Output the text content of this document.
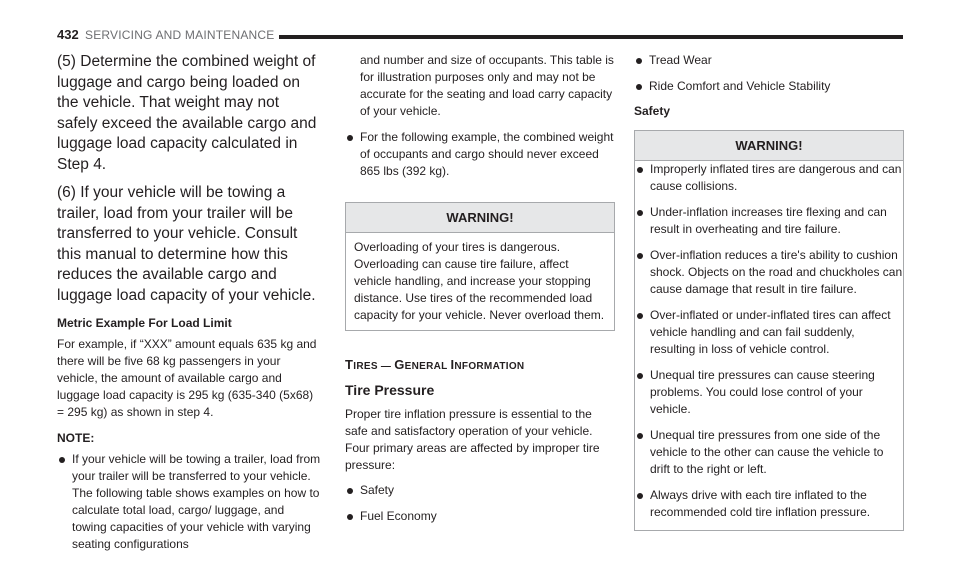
432 SERVICING AND MAINTENANCE

(5) Determine the combined weight of luggage and cargo being loaded on the vehicle. That weight may not safely exceed the available cargo and luggage load capacity calculated in Step 4.

(6) If your vehicle will be towing a trailer, load from your trailer will be transferred to your vehicle. Consult this manual to determine how this reduces the available cargo and luggage load capacity of your vehicle.

Metric Example For Load Limit

For example, if “XXX” amount equals 635 kg and there will be five 68 kg passengers in your vehicle, the amount of available cargo and luggage load capacity is 295 kg (635-340 (5x68) = 295 kg) as shown in step 4.

NOTE:

If your vehicle will be towing a trailer, load from your trailer will be transferred to your vehicle. The following table shows examples on how to calculate total load, cargo/ luggage, and towing capacities of your vehicle with varying seating configurations

and number and size of occupants. This table is for illustration purposes only and may not be accurate for the seating and load carry capacity of your vehicle.

For the following example, the combined weight of occupants and cargo should never exceed 865 lbs (392 kg).
WARNING!
Overloading of your tires is dangerous. Overloading can cause tire failure, affect vehicle handling, and increase your stopping distance. Use tires of the recommended load capacity for your vehicle. Never overload them.
TIRES — GENERAL INFORMATION
Tire Pressure

Proper tire inflation pressure is essential to the safe and satisfactory operation of your vehicle. Four primary areas are affected by improper tire pressure:

Safety
Fuel Economy
Tread Wear
Ride Comfort and Vehicle Stability
Safety
WARNING!
Improperly inflated tires are dangerous and can cause collisions.
Under-inflation increases tire flexing and can result in overheating and tire failure.
Over-inflation reduces a tire's ability to cushion shock. Objects on the road and chuckholes can cause damage that result in tire failure.
Over-inflated or under-inflated tires can affect vehicle handling and can fail suddenly, resulting in loss of vehicle control.
Unequal tire pressures can cause steering problems. You could lose control of your vehicle.
Unequal tire pressures from one side of the vehicle to the other can cause the vehicle to drift to the right or left.
Always drive with each tire inflated to the recommended cold tire inflation pressure.
